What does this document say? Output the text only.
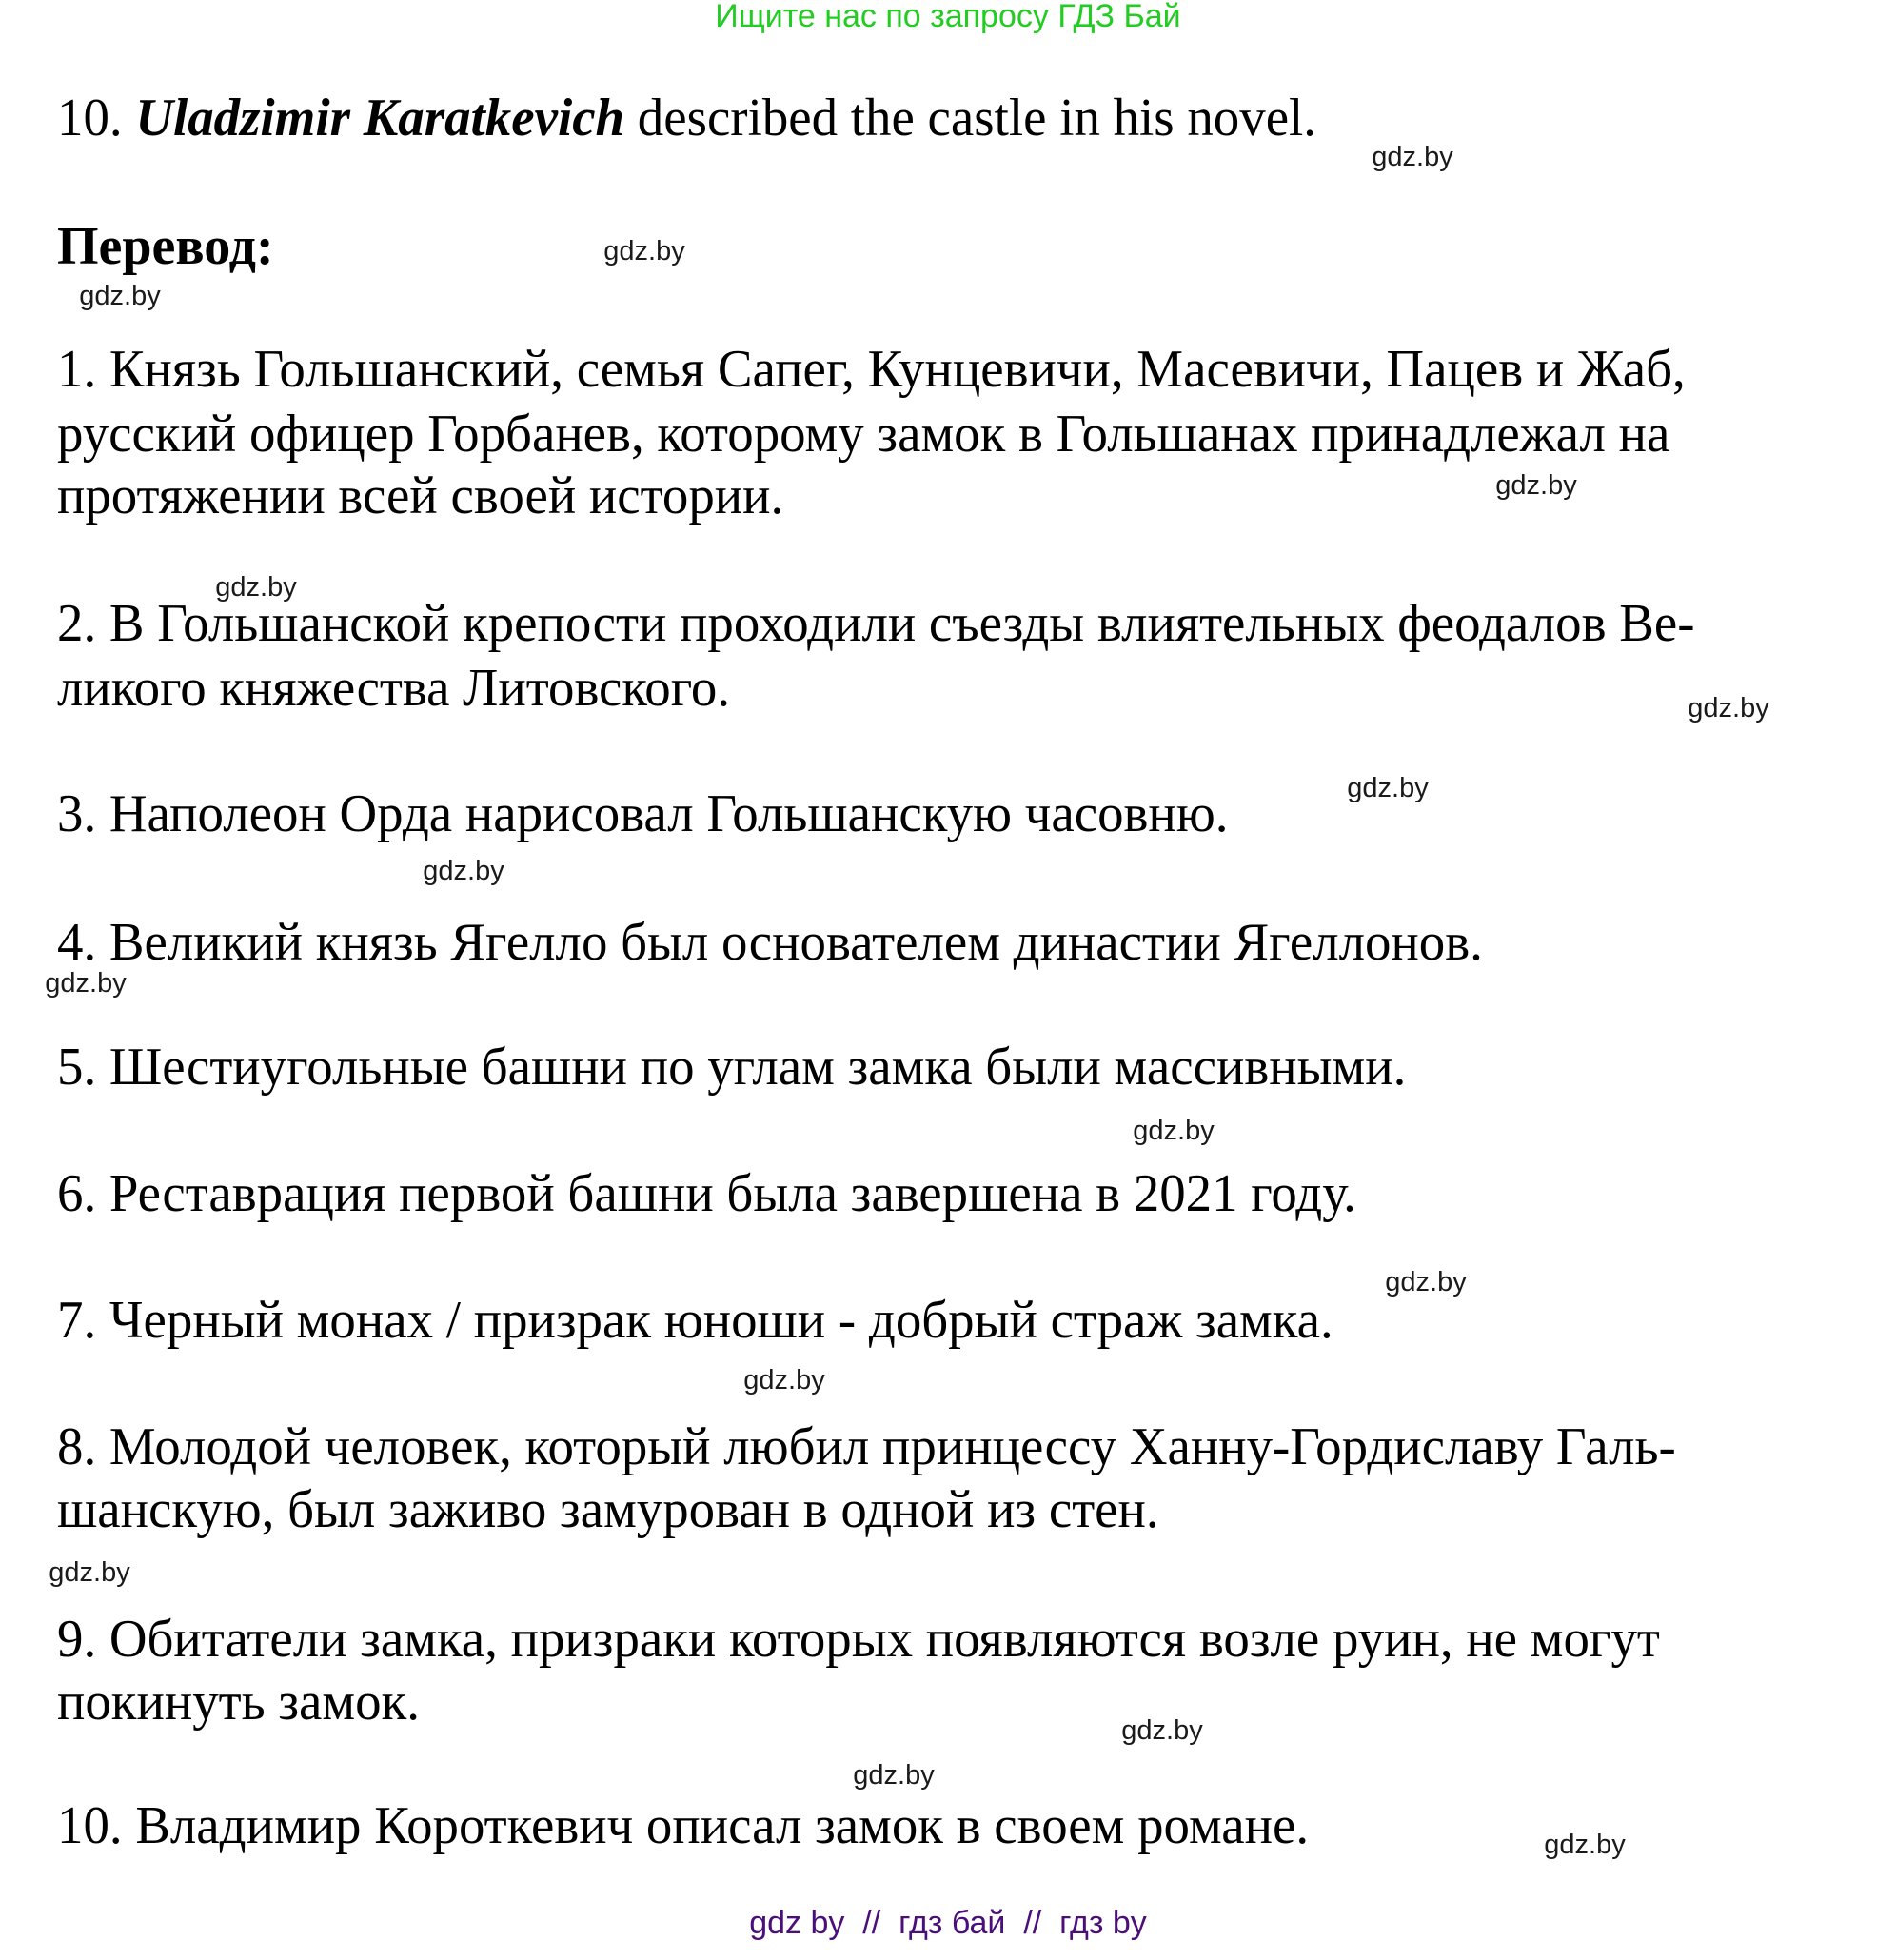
Ищите нас по запросу ГДЗ Бай
10. Uladzimir Karatkevich described the castle in his novel.
Перевод:
1. Князь Гольшанский, семья Сапег, Кунцевичи, Масевичи, Пацев и Жаб,
русский офицер Горбанев, которому замок в Гольшанах принадлежал на
протяжении всей своей истории.
2. В Гольшанской крепости проходили съезды влиятельных феодалов Ве-
ликого княжества Литовского.
3. Наполеон Орда нарисовал Гольшанскую часовню.
4. Великий князь Ягелло был основателем династии Ягеллонов.
5. Шестиугольные башни по углам замка были массивными.
6. Реставрация первой башни была завершена в 2021 году.
7. Черный монах / призрак юноши - добрый страж замка.
8. Молодой человек, который любил принцессу Ханну-Гордиславу Галь-
шанскую, был заживо замурован в одной из стен.
9. Обитатели замка, призраки которых появляются возле руин, не могут
покинуть замок.
10. Владимир Короткевич описал замок в своем романе.
gdz.by
gdz.by
gdz.by
gdz.by
gdz.by
gdz.by
gdz.by
gdz.by
gdz.by
gdz.by
gdz.by
gdz.by
gdz.by
gdz.by
gdz.by
gdz.by
gdz by  //  гдз бай  //  гдз by
